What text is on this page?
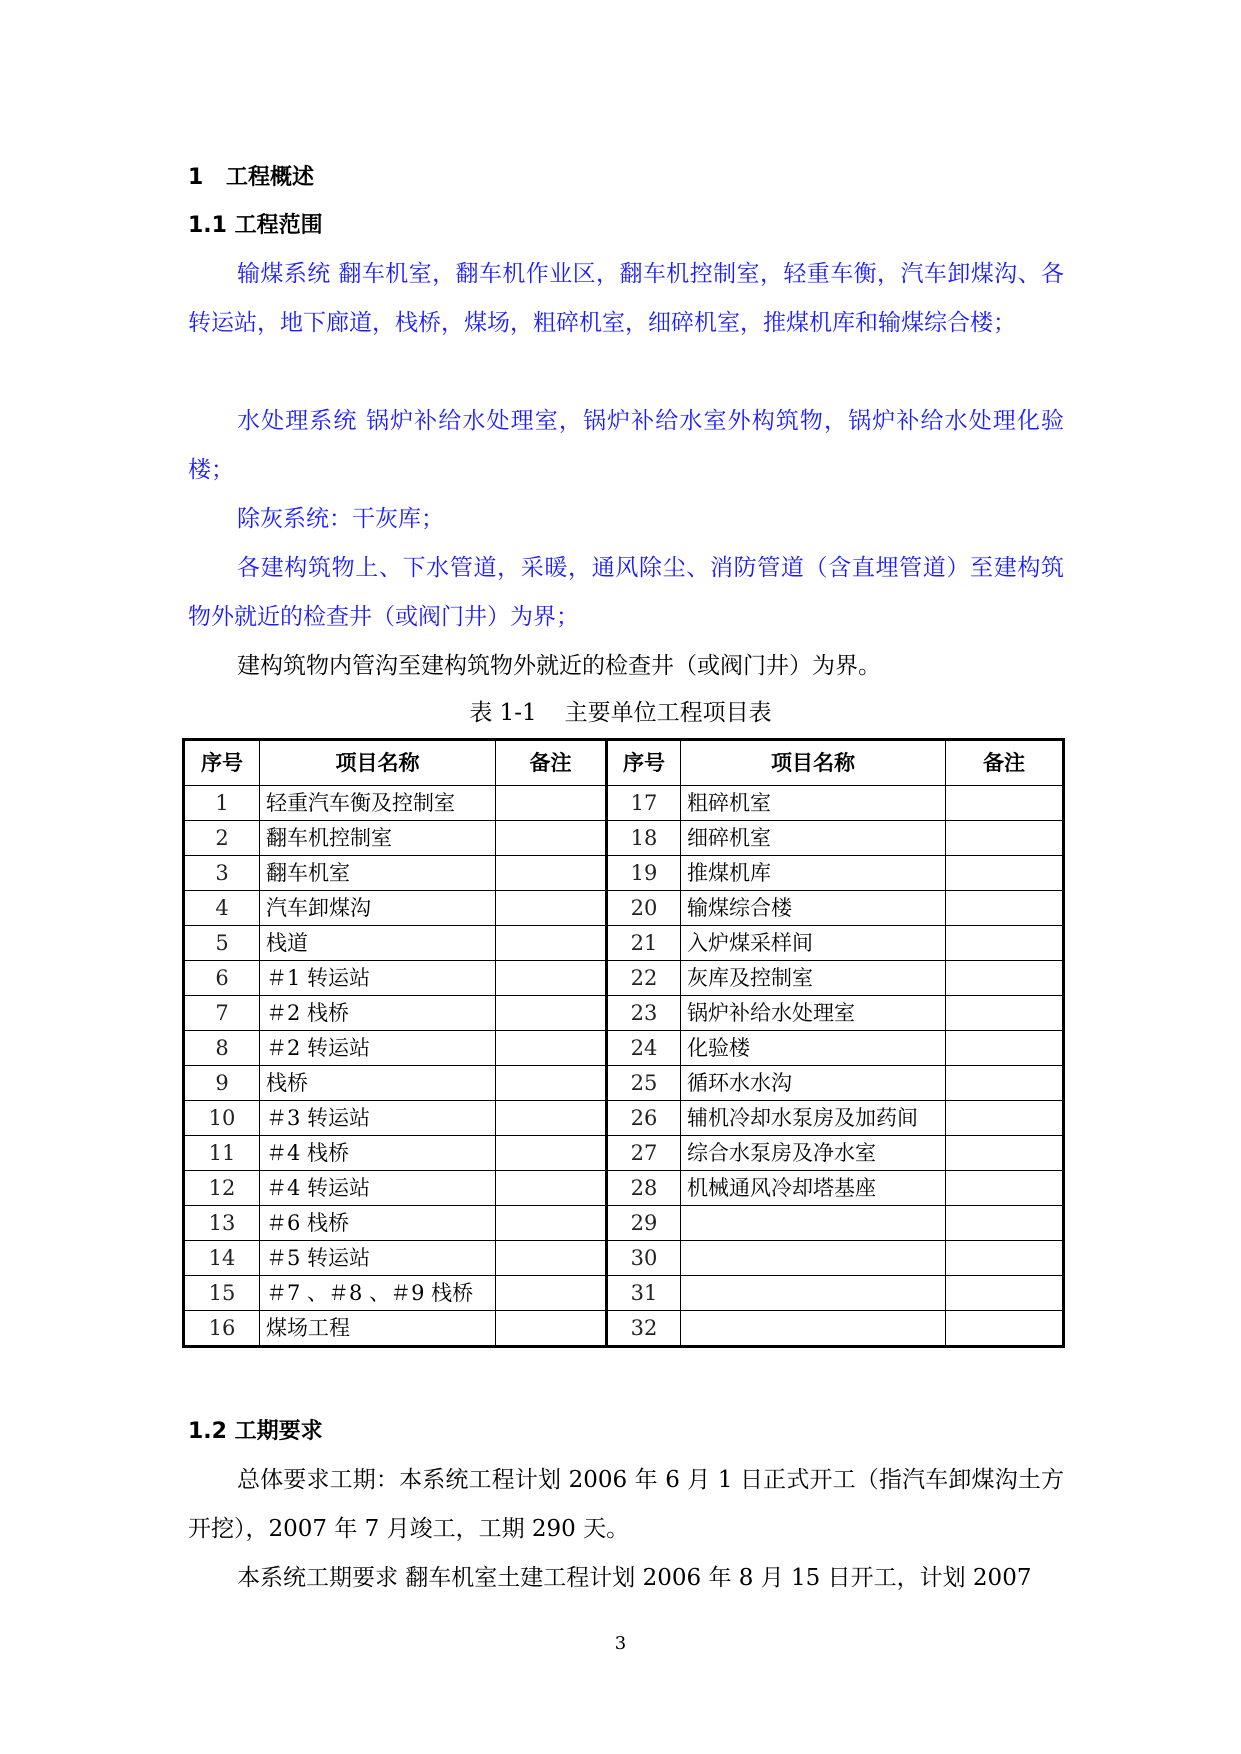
1 工程概述
1.1 工程范围

输煤系统 翻车机室，翻车机作业区，翻车机控制室，轻重车衡，汽车卸煤沟、各转运站，地下廊道，栈桥，煤场，粗碎机室，细碎机室，推煤机库和输煤综合楼；

水处理系统 锅炉补给水处理室，锅炉补给水室外构筑物，锅炉补给水处理化验楼；

除灰系统：干灰库；

各建构筑物上、下水管道，采暖，通风除尘、消防管道（含直埋管道）至建构筑物外就近的检查井（或阀门井）为界；

建构筑物内管沟至建构筑物外就近的检查井（或阀门井）为界。

表 1-1 主要单位工程项目表
序号	项目名称	备注	序号	项目名称	备注
1	轻重汽车衡及控制室		17	粗碎机室	
2	翻车机控制室		18	细碎机室	
3	翻车机室		19	推煤机库	
4	汽车卸煤沟		20	输煤综合楼	
5	栈道		21	入炉煤采样间	
6	＃1 转运站		22	灰库及控制室	
7	＃2 栈桥		23	锅炉补给水处理室	
8	＃2 转运站		24	化验楼	
9	栈桥		25	循环水水沟	
10	＃3 转运站		26	辅机冷却水泵房及加药间	
11	＃4 栈桥		27	综合水泵房及净水室	
12	＃4 转运站		28	机械通风冷却塔基座	
13	＃6 栈桥		29		
14	＃5 转运站		30		
15	＃7 、＃8 、＃9 栈桥		31		
16	煤场工程		32		
1.2 工期要求

总体要求工期：本系统工程计划 2006 年 6 月 1 日正式开工（指汽车卸煤沟土方开挖），2007 年 7 月竣工，工期 290 天。

本系统工期要求 翻车机室土建工程计划 2006 年 8 月 15 日开工，计划 2007

3
